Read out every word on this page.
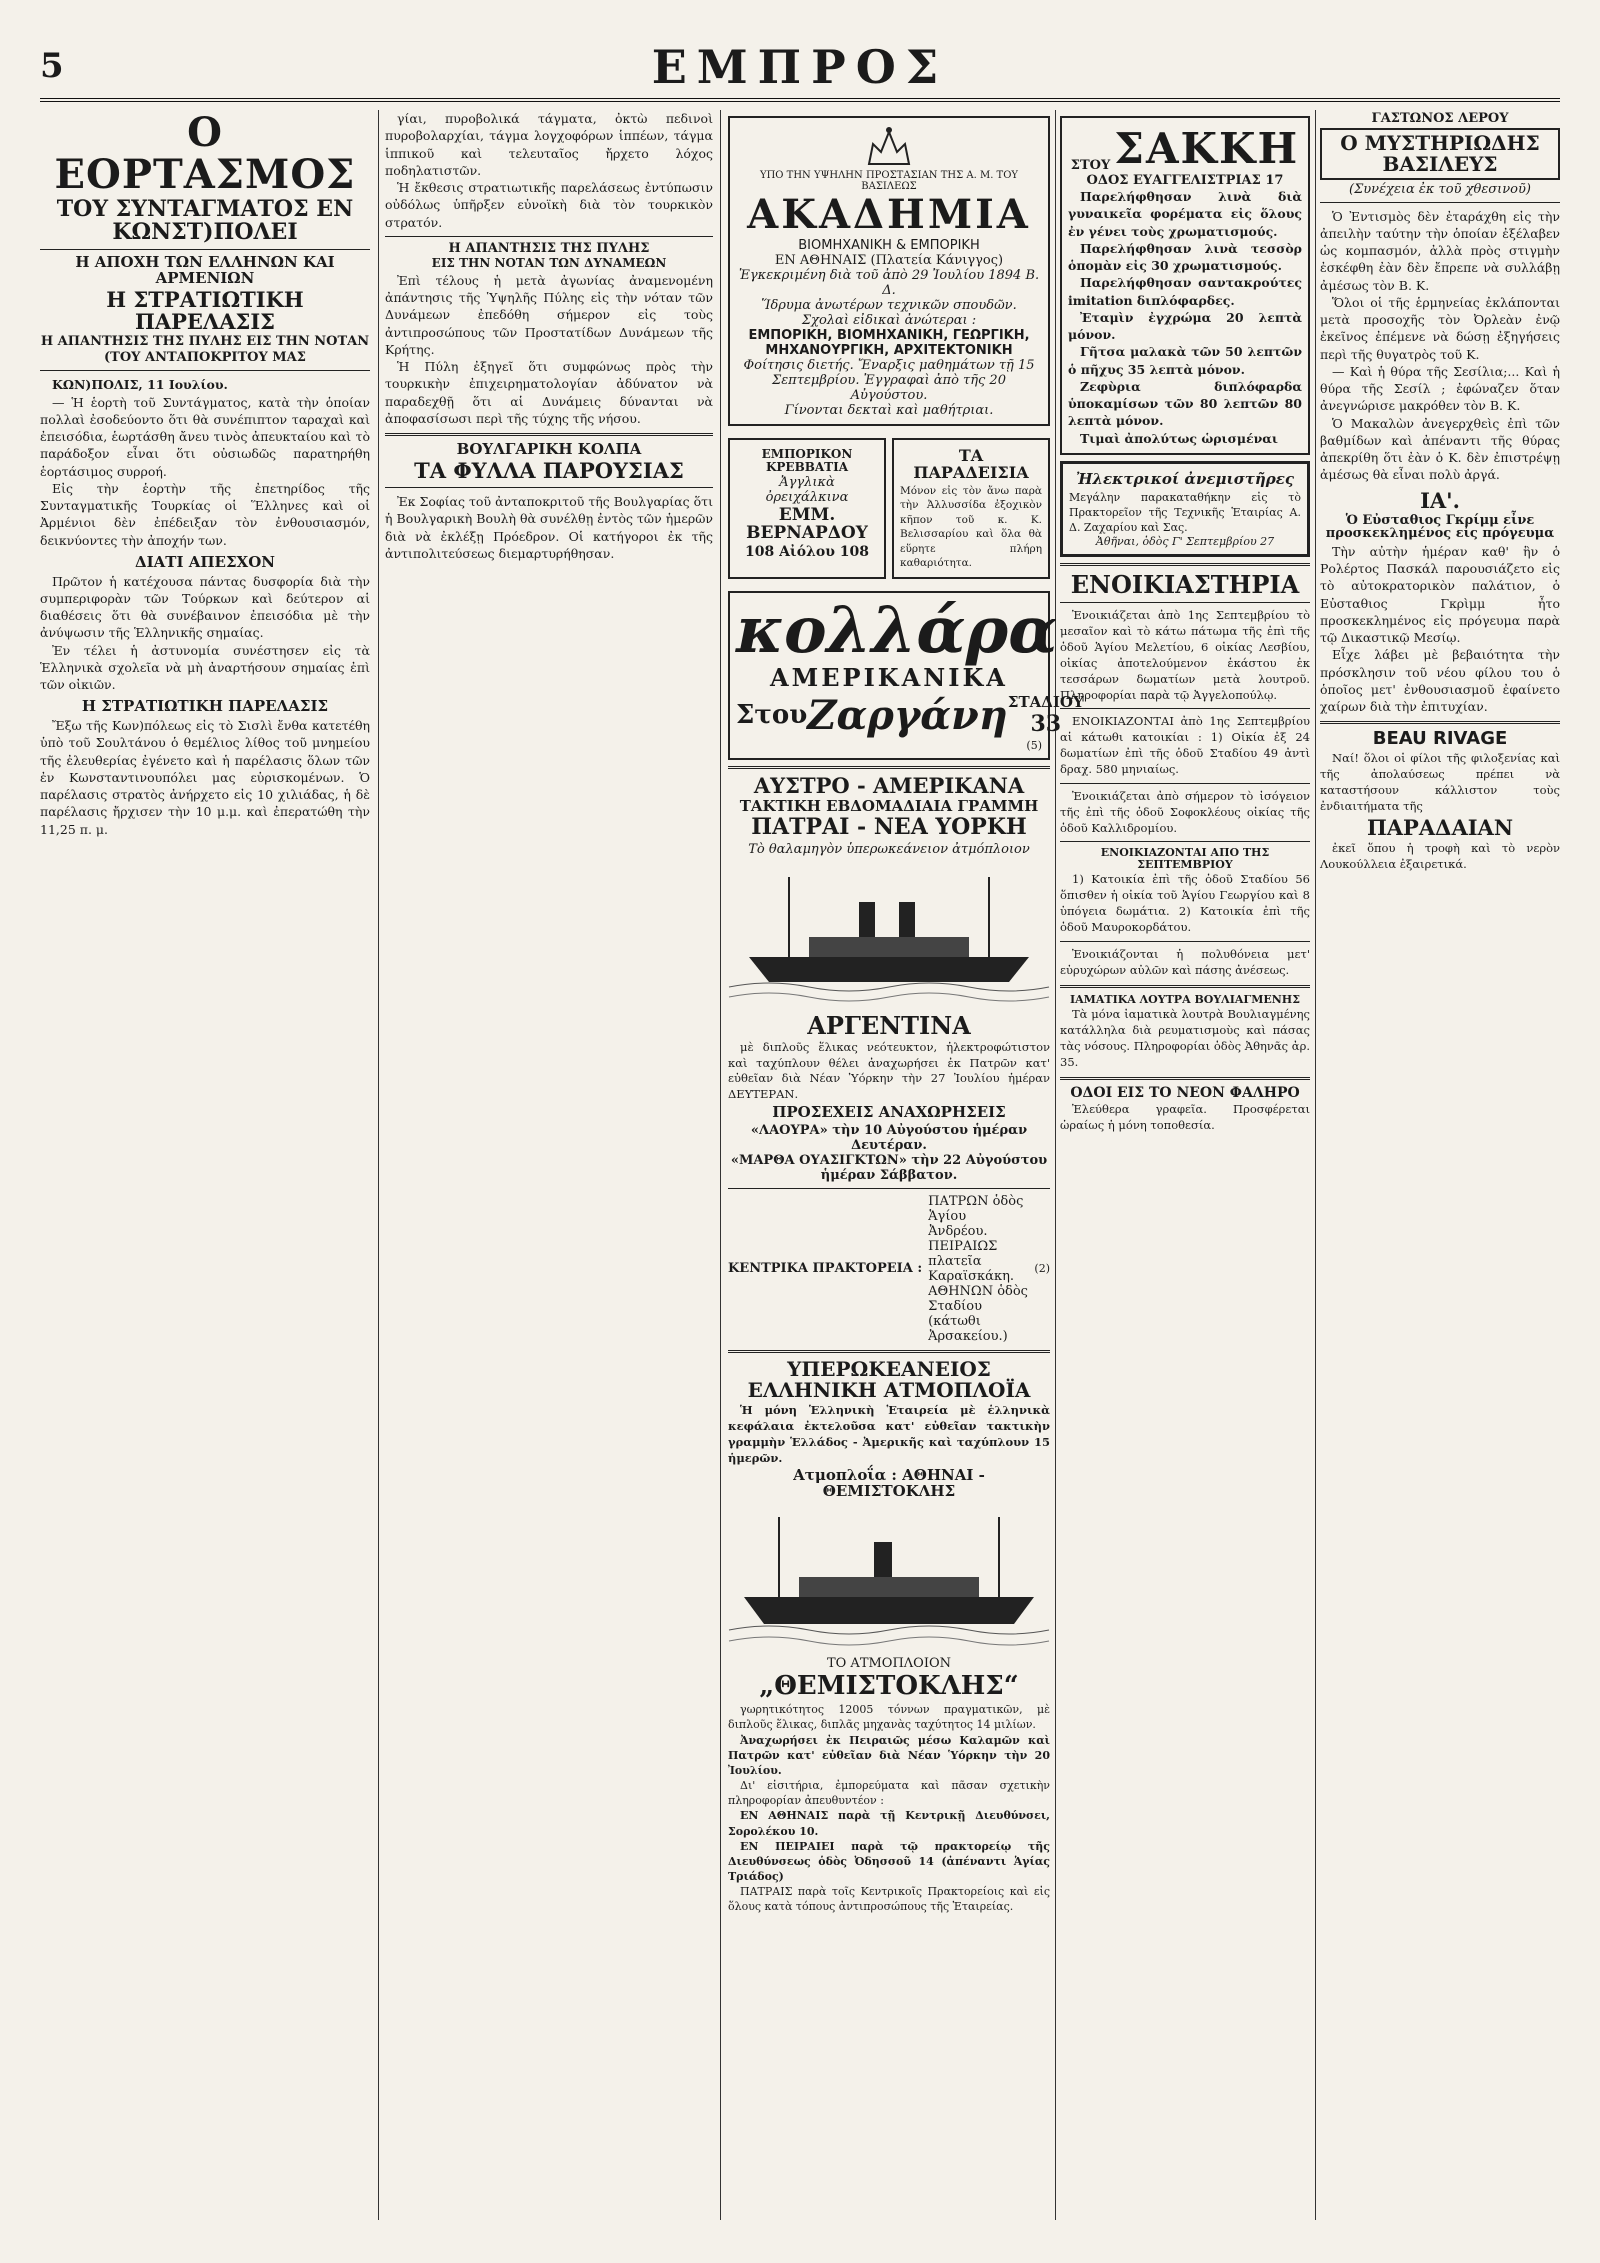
5	ΕΜΠΡΟΣ
Ο ΕΟΡΤΑΣΜΟΣ
ΤΟΥ ΣΥΝΤΑΓΜΑΤΟΣ ΕΝ ΚΩΝΣΤ)ΠΟΛΕΙ
Η ΑΠΟΧΗ ΤΩΝ ΕΛΛΗΝΩΝ ΚΑΙ ΑΡΜΕΝΙΩΝ
Η ΣΤΡΑΤΙΩΤΙΚΗ ΠΑΡΕΛΑΣΙΣ
Η ΑΠΑΝΤΗΣΙΣ ΤΗΣ ΠΥΛΗΣ ΕΙΣ ΤΗΝ ΝΟΤΑΝ
(ΤΟΥ ΑΝΤΑΠΟΚΡΙΤΟΥ ΜΑΣ

ΚΩΝ)ΠΟΛΙΣ, 11 Ιουλίου.

— Ἡ ἑορτὴ τοῦ Συντάγματος, κατὰ τὴν ὁποίαν πολλαὶ ἐσοδεύοντο ὅτι θὰ συνέπιπτον ταραχαὶ καὶ ἐπεισόδια, ἑωρτάσθη ἄνευ τινὸς ἀπευκταίου καὶ τὸ παράδοξον εἶναι ὅτι οὐσιωδῶς παρατηρήθη ἑορτάσιμος συρροή.

Εἰς τὴν ἑορτὴν τῆς ἐπετηρίδος τῆς Συνταγματικῆς Τουρκίας οἱ Ἕλληνες καὶ οἱ Ἀρμένιοι δὲν ἐπέδειξαν τὸν ἐνθουσιασμόν, δεικνύοντες τὴν ἀποχήν των.

ΔΙΑΤΙ ΑΠΕΣΧΟΝ

Πρῶτον ἡ κατέχουσα πάντας δυσφορία διὰ τὴν συμπεριφορὰν τῶν Τούρκων καὶ δεύτερον αἱ διαθέσεις ὅτι θὰ συνέβαινον ἐπεισόδια μὲ τὴν ἀνύψωσιν τῆς Ἑλληνικῆς σημαίας.

Ἐν τέλει ἡ ἀστυνομία συνέστησεν εἰς τὰ Ἑλληνικὰ σχολεῖα νὰ μὴ ἀναρτήσουν σημαίας ἐπὶ τῶν οἰκιῶν.

Η ΣΤΡΑΤΙΩΤΙΚΗ ΠΑΡΕΛΑΣΙΣ

Ἔξω τῆς Κων)πόλεως εἰς τὸ Σισλὶ ἔνθα κατετέθη ὑπὸ τοῦ Σουλτάνου ὁ θεμέλιος λίθος τοῦ μνημείου τῆς ἐλευθερίας ἐγένετο καὶ ἡ παρέλασις ὅλων τῶν ἐν Κωνσταντινουπόλει μας εὑρισκομένων. Ὁ παρέλασις στρατὸς ἀνήρχετο εἰς 10 χιλιάδας, ἡ δὲ παρέλασις ἤρχισεν τὴν 10 μ.μ. καὶ ἐπερατώθη τὴν 11,25 π. μ.

γίαι, πυροβολικά τάγματα, ὀκτὼ πεδινοὶ πυροβολαρχίαι, τάγμα λογχοφόρων ἱππέων, τάγμα ἱππικοῦ καὶ τελευταῖος ἤρχετο λόχος ποδηλατιστῶν.

Ἡ ἔκθεσις στρατιωτικῆς παρελάσεως ἐντύπωσιν οὐδόλως ὑπῆρξεν εὐνοϊκὴ διὰ τὸν τουρκικὸν στρατόν.

Η ΑΠΑΝΤΗΣΙΣ ΤΗΣ ΠΥΛΗΣ
ΕΙΣ ΤΗΝ ΝΟΤΑΝ ΤΩΝ ΔΥΝΑΜΕΩΝ

Ἐπὶ τέλους ἡ μετὰ ἀγωνίας ἀναμενομένη ἀπάντησις τῆς Ὑψηλῆς Πύλης εἰς τὴν νόταν τῶν Δυνάμεων ἐπεδόθη σήμερον εἰς τοὺς ἀντιπροσώπους τῶν Προστατίδων Δυνάμεων τῆς Κρήτης.

Ἡ Πύλη ἐξηγεῖ ὅτι συμφώνως πρὸς τὴν τουρκικὴν ἐπιχειρηματολογίαν ἀδύνατον νὰ παραδεχθῇ ὅτι αἱ Δυνάμεις δύνανται νὰ ἀποφασίσωσι περὶ τῆς τύχης τῆς νήσου.

ΒΟΥΛΓΑΡΙΚΗ ΚΟΛΠΑ
ΤΑ ΦΥΛΛΑ ΠΑΡΟΥΣΙΑΣ

Ἐκ Σοφίας τοῦ ἀνταποκριτοῦ τῆς Βουλγαρίας ὅτι ἡ Βουλγαρικὴ Βουλὴ θὰ συνέλθῃ ἐντὸς τῶν ἡμερῶν διὰ νὰ ἐκλέξῃ Πρόεδρον. Οἱ κατήγοροι ἐκ τῆς ἀντιπολιτεύσεως διεμαρτυρήθησαν.

ΥΠΟ ΤΗΝ ΥΨΗΛΗΝ ΠΡΟΣΤΑΣΙΑΝ ΤΗΣ Α. Μ. ΤΟΥ ΒΑΣΙΛΕΩΣ
ΑΚΑΔΗΜΙΑ
ΒΙΟΜΗΧΑΝΙΚΗ & ΕΜΠΟΡΙΚΗ
ΕΝ ΑΘΗΝΑΙΣ (Πλατεία Κάνιγγος)
Ἐγκεκριμένη διὰ τοῦ ἀπὸ 29 Ἰουλίου 1894 Β. Δ.
Ἵδρυμα ἀνωτέρων τεχνικῶν σπουδῶν.
Σχολαὶ εἰδικαὶ ἀνώτεραι :
ΕΜΠΟΡΙΚΗ, ΒΙΟΜΗΧΑΝΙΚΗ, ΓΕΩΡΓΙΚΗ,
ΜΗΧΑΝΟΥΡΓΙΚΗ, ΑΡΧΙΤΕΚΤΟΝΙΚΗ
Φοίτησις διετής. Ἔναρξις μαθημάτων τῇ 15 Σεπτεμβρίου. Ἐγγραφαὶ ἀπὸ τῆς 20 Αὐγούστου.
Γίνονται δεκταὶ καὶ μαθήτριαι.
ΕΜΠΟΡΙΚΟΝ ΚΡΕΒΒΑΤΙΑ
Ἀγγλικὰ ὀρειχάλκινα
ΕΜΜ. ΒΕΡΝΑΡΔΟΥ
108 Αἰόλου 108
ΤΑ ΠΑΡΑΔΕΙΣΙΑ

Μόνον εἰς τὸν ἄνω παρὰ τὴν Ἀλλυσσίδα ἐξοχικὸν κῆπον τοῦ κ. Κ. Βελισσαρίου καὶ ὅλα θὰ εὕρητε πλήρη καθαριότητα.

κολλάρα
ΑΜΕΡΙΚΑΝΙΚΑ
Στου Ζαργάνη ΣΤΑΔΙΟΥ
33
(5)
ΑΥΣΤΡΟ - ΑΜΕΡΙΚΑΝΑ
ΤΑΚΤΙΚΗ ΕΒΔΟΜΑΔΙΑΙΑ ΓΡΑΜΜΗ
ΠΑΤΡΑΙ - ΝΕΑ ΥΟΡΚΗ
Τὸ θαλαμηγὸν ὑπερωκεάνειον ἀτμόπλοιον
ΑΡΓΕΝΤΙΝΑ

μὲ διπλοῦς ἕλικας νεότευκτον, ἠλεκτροφώτιστον καὶ ταχύπλουν θέλει ἀναχωρήσει ἐκ Πατρῶν κατ' εὐθεῖαν διὰ Νέαν Ὑόρκην τὴν 27 Ἰουλίου ἡμέραν ΔΕΥΤΕΡΑΝ.

ΠΡΟΣΕΧΕΙΣ ΑΝΑΧΩΡΗΣΕΙΣ
«ΛΑΟΥΡΑ» τὴν 10 Αὐγούστου ἡμέραν Δευτέραν.
«ΜΑΡΘΑ ΟΥΑΣΙΓΚΤΩΝ» τὴν 22 Αὐγούστου ἡμέραν Σάββατον.
ΚΕΝΤΡΙΚΑ ΠΡΑΚΤΟΡΕΙΑ :
ΠΑΤΡΩΝ ὁδὸς Ἁγίου Ἀνδρέου.
ΠΕΙΡΑΙΩΣ πλατεῖα Καραϊσκάκη.
ΑΘΗΝΩΝ ὁδὸς Σταδίου (κάτωθι Ἀρσακείου.)
(2)
ΥΠΕΡΩΚΕΑΝΕΙΟΣ ΕΛΛΗΝΙΚΗ ΑΤΜΟΠΛΟΪΑ

Ἡ μόνη Ἑλληνικὴ Ἑταιρεία μὲ ἑλληνικὰ κεφάλαια ἐκτελοῦσα κατ' εὐθεῖαν τακτικὴν γραμμὴν Ἑλλάδος - Ἀμερικῆς καὶ ταχύπλουν 15 ἡμερῶν.

Ατμοπλοΐα : ΑΘΗΝΑΙ - ΘΕΜΙΣΤΟΚΛΗΣ
ΤΟ ΑΤΜΟΠΛΟΙΟΝ
„ΘΕΜΙΣΤΟΚΛΗΣ“

γωρητικότητος 12005 τόννων πραγματικῶν, μὲ διπλοῦς ἕλικας, διπλᾶς μηχανὰς ταχύτητος 14 μιλίων.

Ἀναχωρήσει ἐκ Πειραιῶς μέσω Καλαμῶν καὶ Πατρῶν κατ' εὐθεῖαν διὰ Νέαν Ὑόρκην τὴν 20 Ἰουλίου.

Δι' εἰσιτήρια, ἐμπορεύματα καὶ πᾶσαν σχετικὴν πληροφορίαν ἀπευθυντέον :

ΕΝ ΑΘΗΝΑΙΣ παρὰ τῇ Κεντρικῇ Διευθύνσει, Σορολέκου 10.

ΕΝ ΠΕΙΡΑΙΕΙ παρὰ τῷ πρακτορείῳ τῆς Διευθύνσεως ὁδὸς Ὀδησσοῦ 14 (ἀπέναντι Ἁγίας Τριάδος)

ΠΑΤΡΑΙΣ παρὰ τοῖς Κεντρικοῖς Πρακτορείοις καὶ εἰς ὅλους κατὰ τόπους ἀντιπροσώπους τῆς Ἑταιρείας.

ΣΤΟΥ ΣΑΚΚΗ
ΟΔΟΣ ΕΥΑΓΓΕΛΙΣΤΡΙΑΣ 17

Παρελήφθησαν λινὰ διὰ γυναικεῖα φορέματα εἰς ὅλους ἐν γένει τοὺς χρωματισμούς.

Παρελήφθησαν λινὰ τεσσὸρ ὁπομὰν εἰς 30 χρωματισμούς.

Παρελήφθησαν σαντακρούτες imitation διπλόφαρδες.

Ἐταμὶν ἐγχρώμα 20 λεπτὰ μόνον.

Γῆτσα μαλακὰ τῶν 50 λεπτῶν ὁ πῆχυς 35 λεπτὰ μόνον.

Ζεφὺρια διπλόφαρδα ὑποκαμίσων τῶν 80 λεπτῶν 80 λεπτὰ μόνον.

Τιμαὶ ἀπολύτως ὡρισμέναι

Ἠλεκτρικοί ἀνεμιστῆρες

Μεγάλην παρακαταθήκην εἰς τὸ Πρακτορεῖον τῆς Τεχνικῆς Ἑταιρίας Α. Δ. Ζαχαρίου καὶ Σας.

Ἀθῆναι, ὁδὸς Γ' Σεπτεμβρίου 27
ΕΝΟΙΚΙΑΣΤΗΡΙΑ

Ἐνοικιάζεται ἀπὸ 1ης Σεπτεμβρίου τὸ μεσαῖον καὶ τὸ κάτω πάτωμα τῆς ἐπὶ τῆς ὁδοῦ Ἁγίου Μελετίου, 6 οἰκίας Λεσβίου, οἰκίας ἀποτελούμενον ἑκάστου ἐκ τεσσάρων δωματίων μετὰ λουτροῦ. Πληροφορίαι παρὰ τῷ Ἀγγελοπούλῳ.

ΕΝΟΙΚΙΑΖΟΝΤΑΙ ἀπὸ 1ης Σεπτεμβρίου αἱ κάτωθι κατοικίαι : 1) Οἰκία ἐξ 24 δωματίων ἐπὶ τῆς ὁδοῦ Σταδίου 49 ἀντὶ δραχ. 580 μηνιαίως.

Ἐνοικιάζεται ἀπὸ σήμερον τὸ ἰσόγειον τῆς ἐπὶ τῆς ὁδοῦ Σοφοκλέους οἰκίας τῆς ὁδοῦ Καλλιδρομίου.

ΕΝΟΙΚΙΑΖΟΝΤΑΙ ΑΠΟ ΤΗΣ ΣΕΠΤΕΜΒΡΙΟΥ

1) Κατοικία ἐπὶ τῆς ὁδοῦ Σταδίου 56 ὅπισθεν ἡ οἰκία τοῦ Ἁγίου Γεωργίου καὶ 8 ὑπόγεια δωμάτια. 2) Κατοικία ἐπὶ τῆς ὁδοῦ Μαυροκορδάτου.

Ἐνοικιάζονται ἡ πολυθόνεια μετ' εὐρυχώρων αὐλῶν καὶ πάσης ἀνέσεως.

ΙΑΜΑΤΙΚΑ ΛΟΥΤΡΑ ΒΟΥΛΙΑΓΜΕΝΗΣ

Τὰ μόνα ἰαματικὰ λουτρὰ Βουλιαγμένης κατάλληλα διὰ ρευματισμοὺς καὶ πάσας τὰς νόσους. Πληροφορίαι ὁδὸς Ἀθηνᾶς ἀρ. 35.

ΟΔΟΙ ΕΙΣ ΤΟ ΝΕΟΝ ΦΑΛΗΡΟ

Ἐλεύθερα γραφεῖα. Προσφέρεται ὡραίως ἡ μόνη τοποθεσία.

ΓΑΣΤΩΝΟΣ ΛΕΡΟΥ
Ο ΜΥΣΤΗΡΙΩΔΗΣ ΒΑΣΙΛΕΥΣ
(Συνέχεια ἐκ τοῦ χθεσινοῦ)

Ὁ Ἐντισμὸς δὲν ἐταράχθη εἰς τὴν ἀπειλὴν ταύτην τὴν ὁποίαν ἐξέλαβεν ὡς κομπασμόν, ἀλλὰ πρὸς στιγμὴν ἐσκέφθη ἐὰν δὲν ἔπρεπε νὰ συλλάβῃ ἀμέσως τὸν Β. Κ.

Ὅλοι οἱ τῆς ἑρμηνείας ἐκλάπονται μετὰ προσοχῆς τὸν Ὀρλεὰν ἐνῷ ἐκεῖνος ἐπέμενε νὰ δώσῃ ἐξηγήσεις περὶ τῆς θυγατρὸς τοῦ Κ.

— Καὶ ἡ θύρα τῆς Σεσίλια;... Καὶ ἡ θύρα τῆς Σεσίλ ; ἐφώναζεν ὅταν ἀνεγνώρισε μακρόθεν τὸν Β. Κ.

Ὁ Μακαλὼν ἀνεγερχθεὶς ἐπὶ τῶν βαθμίδων καὶ ἀπέναντι τῆς θύρας ἀπεκρίθη ὅτι ἐὰν ὁ Κ. δὲν ἐπιστρέψῃ ἀμέσως θὰ εἶναι πολὺ ἀργά.

ΙΑ'.
Ὁ Εὐσταθιος Γκρίμμ εἶνε προσκεκλημένος εἰς πρόγευμα

Τὴν αὐτὴν ἡμέραν καθ' ἣν ὁ Ρολέρτος Πασκάλ παρουσιάζετο εἰς τὸ αὐτοκρατορικὸν παλάτιον, ὁ Εὐσταθιος Γκρὶμμ ἦτο προσκεκλημένος εἰς πρόγευμα παρὰ τῷ Δικαστικῷ Μεσίῳ.

Εἶχε λάβει μὲ βεβαιότητα τὴν πρόσκλησιν τοῦ νέου φίλου του ὁ ὁποῖος μετ' ἐνθουσιασμοῦ ἐφαίνετο χαίρων διὰ τὴν ἐπιτυχίαν.

BEAU RIVAGE

Ναί! ὅλοι οἱ φίλοι τῆς φιλοξενίας καὶ τῆς ἀπολαύσεως πρέπει νὰ καταστήσουν κάλλιστον τοὺς ἐνδιαιτήματα τῆς

ΠΑΡΑΔΑΙΑΝ

ἐκεῖ ὅπου ἡ τροφὴ καὶ τὸ νερὸν Λουκούλλεια ἐξαιρετικά.
